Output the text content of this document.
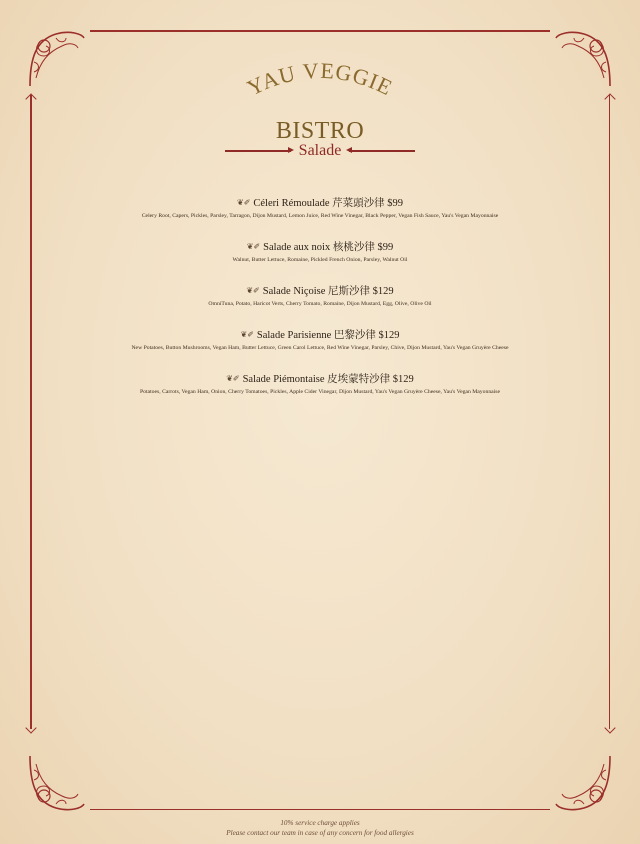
YAU VEGGIE
BISTRO
Salade
❦✐ Céleri Rémoulade 芹菜頭沙律 $99
Celery Root, Capers, Pickles, Parsley, Tarragon, Dijon Mustard, Lemon Juice, Red Wine Vinegar, Black Pepper, Vegan Fish Sauce, Yau's Vegan Mayonnaise
❦✐ Salade aux noix 核桃沙律 $99
Walnut, Butter Lettuce, Romaine, Pickled French Onion, Parsley, Walnut Oil
❦✐ Salade Niçoise 尼斯沙律 $129
OmniTuna, Potato, Haricot Verts, Cherry Tomato, Romaine, Dijon Mustard, Egg, Olive, Olive Oil
❦✐ Salade Parisienne 巴黎沙律 $129
New Potatoes, Button Mushrooms, Vegan Ham, Butter Lettuce, Green Carol Lettuce, Red Wine Vinegar, Parsley, Chive, Dijon Mustard, Yau's Vegan Gruyère Cheese
❦✐ Salade Piémontaise 皮埃蒙特沙律 $129
Potatoes, Carrots, Vegan Ham, Onion, Cherry Tomatoes, Pickles, Apple Cider Vinegar, Dijon Mustard, Yau's Vegan Gruyère Cheese, Yau's Vegan Mayonnaise
10% service charge applies
Please contact our team in case of any concern for food allergies
